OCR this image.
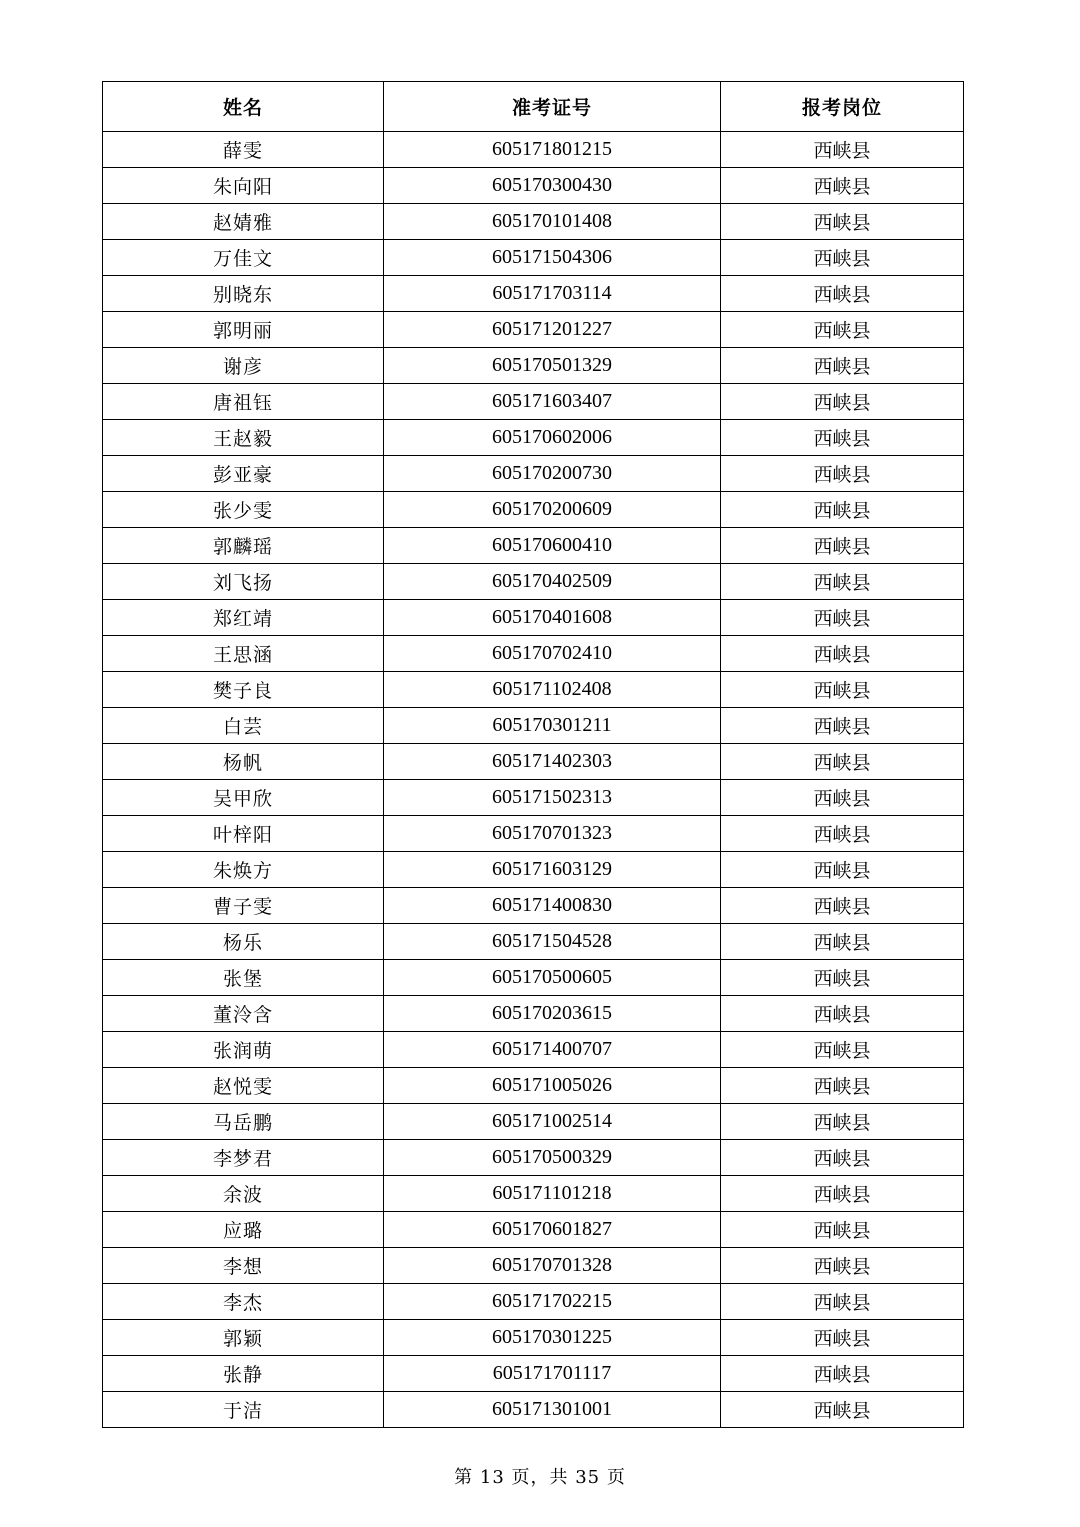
姓名	准考证号	报考岗位
薛雯	605171801215	西峡县
朱向阳	605170300430	西峡县
赵婧雅	605170101408	西峡县
万佳文	605171504306	西峡县
别晓东	605171703114	西峡县
郭明丽	605171201227	西峡县
谢彦	605170501329	西峡县
唐祖钰	605171603407	西峡县
王赵毅	605170602006	西峡县
彭亚豪	605170200730	西峡县
张少雯	605170200609	西峡县
郭麟瑶	605170600410	西峡县
刘飞扬	605170402509	西峡县
郑红靖	605170401608	西峡县
王思涵	605170702410	西峡县
樊子良	605171102408	西峡县
白芸	605170301211	西峡县
杨帆	605171402303	西峡县
吴甲欣	605171502313	西峡县
叶梓阳	605170701323	西峡县
朱焕方	605171603129	西峡县
曹子雯	605171400830	西峡县
杨乐	605171504528	西峡县
张堡	605170500605	西峡县
董泠含	605170203615	西峡县
张润萌	605171400707	西峡县
赵悦雯	605171005026	西峡县
马岳鹏	605171002514	西峡县
李梦君	605170500329	西峡县
余波	605171101218	西峡县
应璐	605170601827	西峡县
李想	605170701328	西峡县
李杰	605171702215	西峡县
郭颖	605170301225	西峡县
张静	605171701117	西峡县
于洁	605171301001	西峡县
第 13 页，共 35 页
